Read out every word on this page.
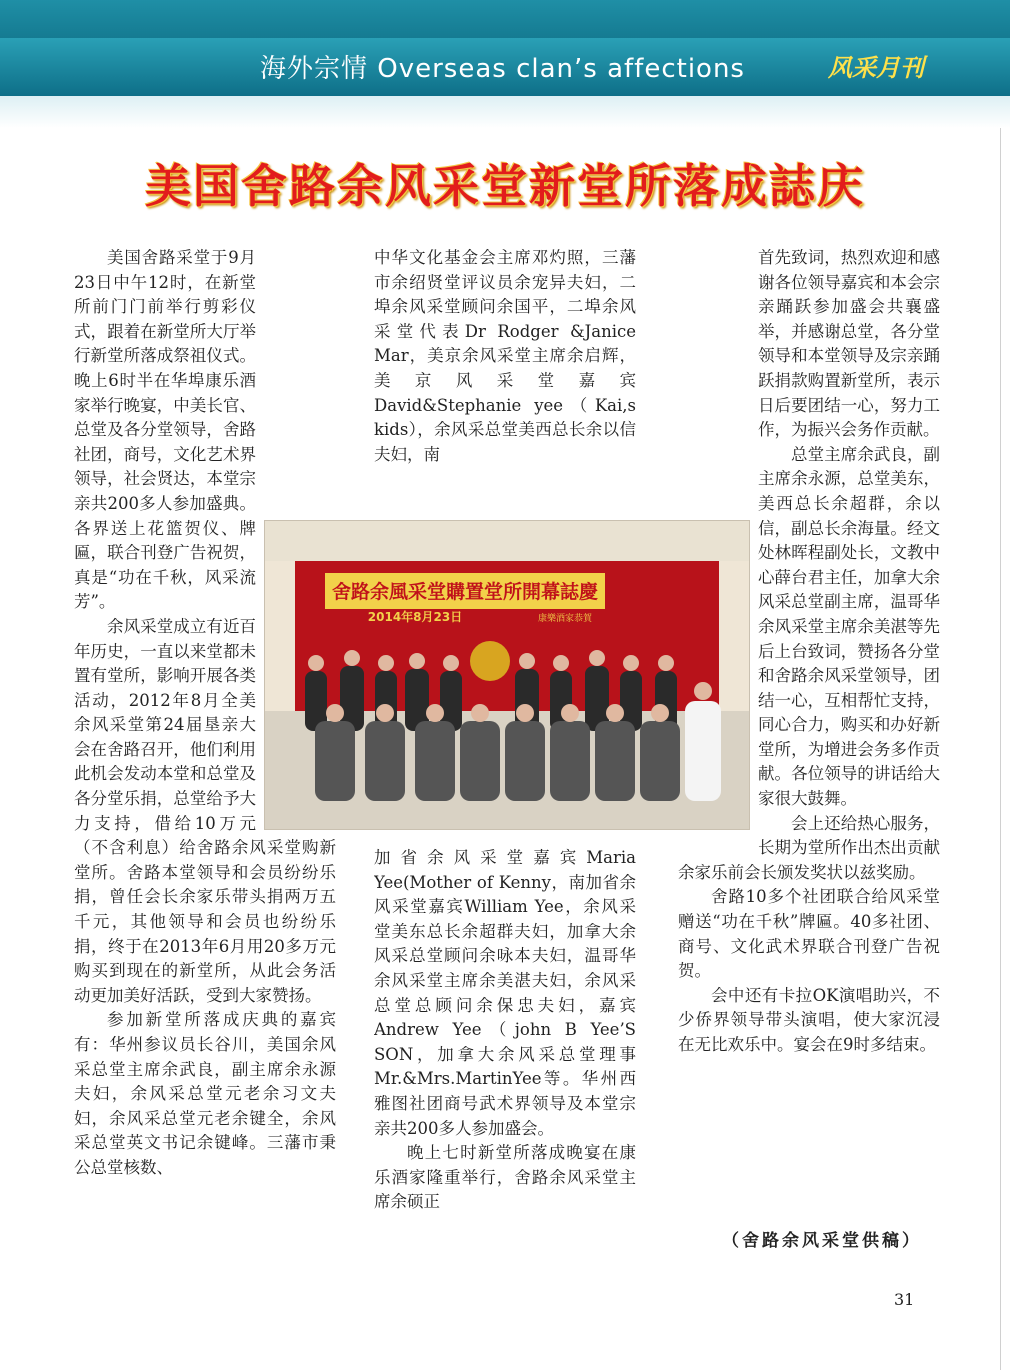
海外宗情 Overseas clan’s affections	风采月刊
美国舍路余风采堂新堂所落成誌庆

美国舍路采堂于9月23日中午12时，在新堂所前门门前举行剪彩仪式，跟着在新堂所大厅举行新堂所落成祭祖仪式。晚上6时半在华埠康乐酒家举行晚宴，中美长官、总堂及各分堂领导，舍路社团，商号，文化艺术界领导，社会贤达，本堂宗亲共200多人参加盛典。各界送上花篮贺仪、牌匾，联合刊登广告祝贺，真是“功在千秋，风采流芳”。

余风采堂成立有近百年历史，一直以来堂都未置有堂所，影响开展各类活动，2012年8月全美余风采堂第24届垦亲大会在舍路召开，他们利用此机会发动本堂和总堂及各分堂乐捐，总堂给予大力支持，借给10万元（不含利息）给舍路余风采堂购新堂所。舍路本堂领导和会员纷纷乐捐，曾任会长余家乐带头捐两万五千元，其他领导和会员也纷纷乐捐，终于在2013年6月用20多万元购买到现在的新堂所，从此会务活动更加美好活跃，受到大家赞扬。

参加新堂所落成庆典的嘉宾有：华州参议员长谷川，美国余风采总堂主席余武良，副主席余永源夫妇，余风采总堂元老余习文夫妇，余风采总堂元老余键全，余风采总堂英文书记余键峰。三藩市秉公总堂核数、

中华文化基金会主席邓灼照，三藩市余绍贤堂评议员余宠异夫妇，二埠余风采堂顾问余国平，二埠余风采堂代表Dr Rodger &Janice Mar，美京余风采堂主席余启辉，美京风采堂嘉宾David&Stephanie yee（Kai,s kids），余风采总堂美西总长余以信夫妇，南

加省余风采堂嘉宾Maria Yee(Mother of Kenny，南加省余风采堂嘉宾William Yee，余风采堂美东总长余超群夫妇，加拿大余风采总堂顾问余咏本夫妇，温哥华余风采堂主席余美湛夫妇，余风采总堂总顾问余保忠夫妇，嘉宾Andrew Yee（john B Yee’S SON，加拿大余风采总堂理事Mr.&Mrs.MartinYee等。华州西雅图社团商号武术界领导及本堂宗亲共200多人参加盛会。

晚上七时新堂所落成晚宴在康乐酒家隆重举行，舍路余风采堂主席余硕正

首先致词，热烈欢迎和感谢各位领导嘉宾和本会宗亲踊跃参加盛会共襄盛举，并感谢总堂，各分堂领导和本堂领导及宗亲踊跃捐款购置新堂所，表示日后要团结一心，努力工作，为振兴会务作贡献。

总堂主席余武良，副主席余永源，总堂美东，美西总长余超群，余以信，副总长余海量。经文处林晖程副处长，文教中心薛台君主任，加拿大余风采总堂副主席，温哥华余风采堂主席余美湛等先后上台致词，赞扬各分堂和舍路余风采堂领导，团结一心，互相帮忙支持，同心合力，购买和办好新堂所，为增进会务多作贡献。各位领导的讲话给大家很大鼓舞。

会上还给热心服务，长期为堂所作出杰出贡献余家乐前会长颁发奖状以兹奖励。

舍路10多个社团联合给风采堂赠送“功在千秋”牌匾。40多社团、商号、文化武术界联合刊登广告祝贺。

会中还有卡拉OK演唱助兴，不少侨界领导带头演唱，使大家沉浸在无比欢乐中。宴会在9时多结束。

舍路余風采堂購置堂所開幕誌慶
2014年8月23日	康樂酒家恭賀
（舍路余风采堂供稿）
31
